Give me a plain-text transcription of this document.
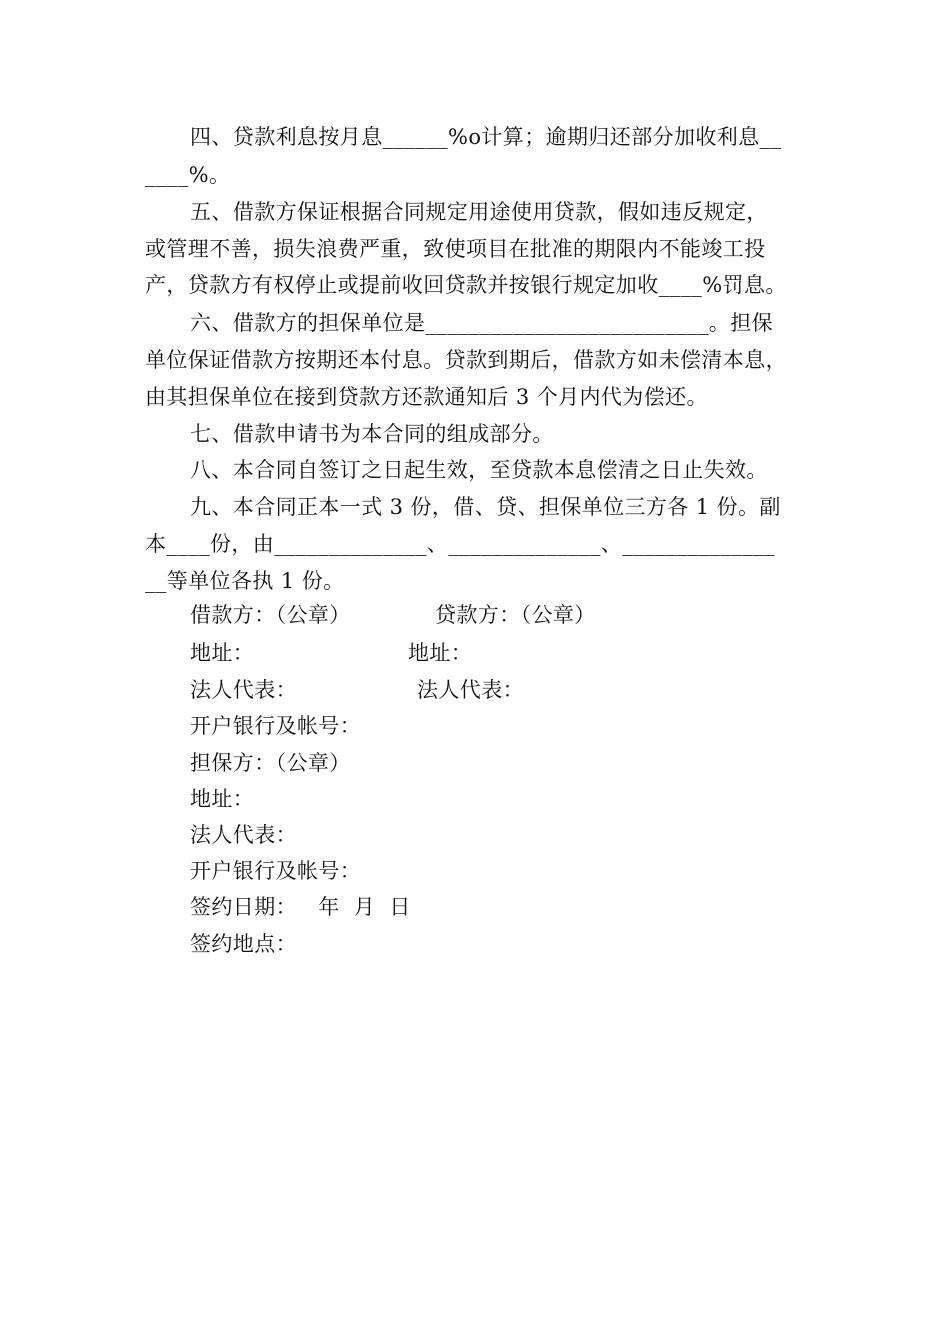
四、贷款利息按月息______%o计算；逾期归还部分加收利息__
____%。
五、借款方保证根据合同规定用途使用贷款，假如违反规定，
或管理不善，损失浪费严重，致使项目在批准的期限内不能竣工投
产，贷款方有权停止或提前收回贷款并按银行规定加收____%罚息。
六、借款方的担保单位是__________________________。担保
单位保证借款方按期还本付息。贷款到期后，借款方如未偿清本息，
由其担保单位在接到贷款方还款通知后 3 个月内代为偿还。
七、借款申请书为本合同的组成部分。
八、本合同自签订之日起生效，至贷款本息偿清之日止失效。
九、本合同正本一式 3 份，借、贷、担保单位三方各 1 份。副
本____份，由______________、______________、______________
__等单位各执 1 份。
借款方：（公章）	贷款方：（公章）
地址：	地址：
法人代表：	法人代表：
开户银行及帐号：
担保方：（公章）
地址：
法人代表：
开户银行及帐号：
签约日期：   年  月  日
签约地点：
